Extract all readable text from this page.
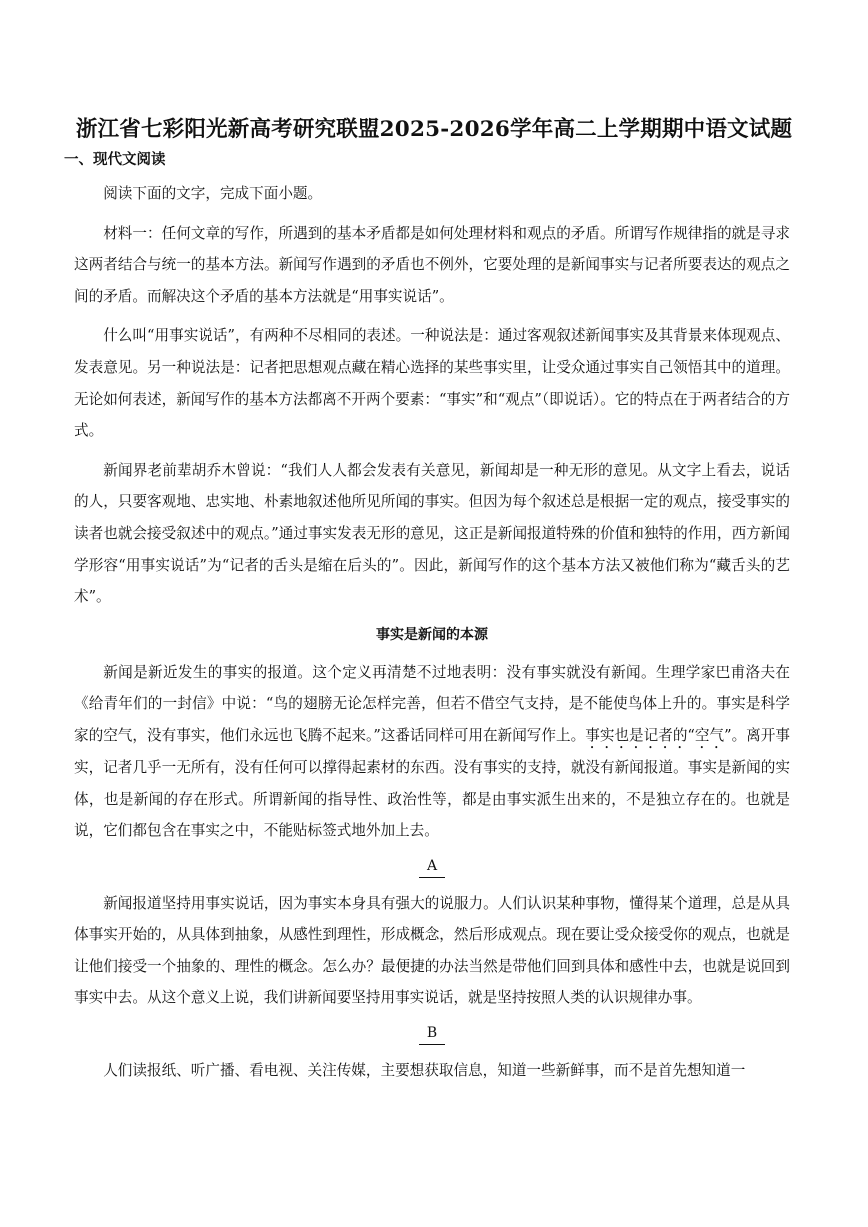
浙江省七彩阳光新高考研究联盟2025-2026学年高二上学期期中语文试题
一、现代文阅读

阅读下面的文字，完成下面小题。

材料一：任何文章的写作，所遇到的基本矛盾都是如何处理材料和观点的矛盾。所谓写作规律指的就是寻求这两者结合与统一的基本方法。新闻写作遇到的矛盾也不例外，它要处理的是新闻事实与记者所要表达的观点之间的矛盾。而解决这个矛盾的基本方法就是“用事实说话”。

什么叫“用事实说话”，有两种不尽相同的表述。一种说法是：通过客观叙述新闻事实及其背景来体现观点、发表意见。另一种说法是：记者把思想观点藏在精心选择的某些事实里，让受众通过事实自己领悟其中的道理。无论如何表述，新闻写作的基本方法都离不开两个要素：“事实”和“观点”（即说话）。它的特点在于两者结合的方式。

新闻界老前辈胡乔木曾说：“我们人人都会发表有关意见，新闻却是一种无形的意见。从文字上看去，说话的人，只要客观地、忠实地、朴素地叙述他所见所闻的事实。但因为每个叙述总是根据一定的观点，接受事实的读者也就会接受叙述中的观点。”通过事实发表无形的意见，这正是新闻报道特殊的价值和独特的作用，西方新闻学形容“用事实说话”为“记者的舌头是缩在后头的”。因此，新闻写作的这个基本方法又被他们称为“藏舌头的艺术”。

事实是新闻的本源

新闻是新近发生的事实的报道。这个定义再清楚不过地表明：没有事实就没有新闻。生理学家巴甫洛夫在《给青年们的一封信》中说：“鸟的翅膀无论怎样完善，但若不借空气支持，是不能使鸟体上升的。事实是科学家的空气，没有事实，他们永远也飞腾不起来。”这番话同样可用在新闻写作上。事实也是记者的“空气”。离开事实，记者几乎一无所有，没有任何可以撑得起素材的东西。没有事实的支持，就没有新闻报道。事实是新闻的实体，也是新闻的存在形式。所谓新闻的指导性、政治性等，都是由事实派生出来的，不是独立存在的。也就是说，它们都包含在事实之中，不能贴标签式地外加上去。

A

新闻报道坚持用事实说话，因为事实本身具有强大的说服力。人们认识某种事物，懂得某个道理，总是从具体事实开始的，从具体到抽象，从感性到理性，形成概念，然后形成观点。现在要让受众接受你的观点，也就是让他们接受一个抽象的、理性的概念。怎么办？最便捷的办法当然是带他们回到具体和感性中去，也就是说回到事实中去。从这个意义上说，我们讲新闻要坚持用事实说话，就是坚持按照人类的认识规律办事。

B

人们读报纸、听广播、看电视、关注传媒，主要想获取信息，知道一些新鲜事，而不是首先想知道一
